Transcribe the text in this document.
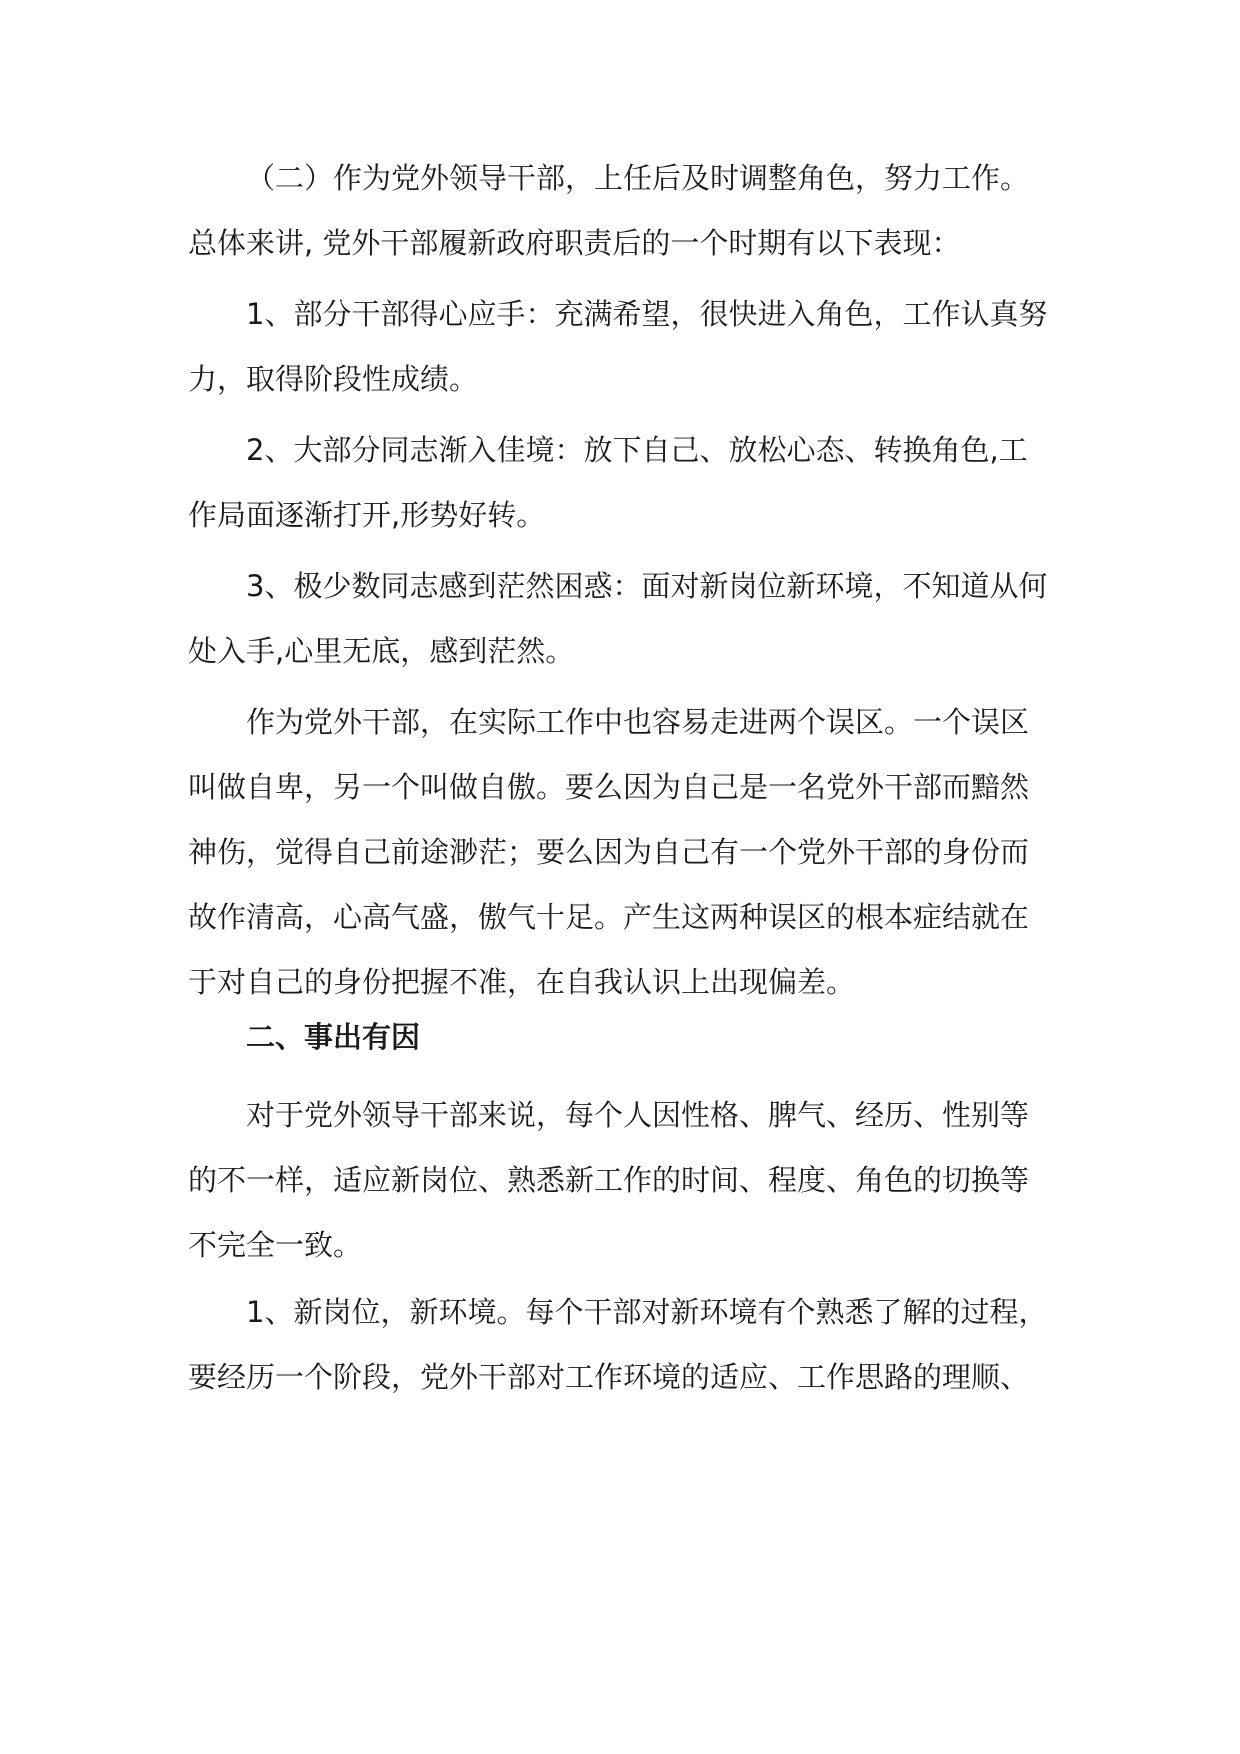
（二）作为党外领导干部，上任后及时调整角色，努力工作。
总体来讲, 党外干部履新政府职责后的一个时期有以下表现：
1、部分干部得心应手：充满希望，很快进入角色，工作认真努
力，取得阶段性成绩。
2、大部分同志渐入佳境：放下自己、放松心态、转换角色,工
作局面逐渐打开,形势好转。
3、极少数同志感到茫然困惑：面对新岗位新环境，不知道从何
处入手,心里无底，感到茫然。
作为党外干部，在实际工作中也容易走进两个误区。一个误区
叫做自卑，另一个叫做自傲。要么因为自己是一名党外干部而黯然
神伤，觉得自己前途渺茫；要么因为自己有一个党外干部的身份而
故作清高，心高气盛，傲气十足。产生这两种误区的根本症结就在
于对自己的身份把握不准，在自我认识上出现偏差。
二、事出有因
对于党外领导干部来说，每个人因性格、脾气、经历、性别等
的不一样，适应新岗位、熟悉新工作的时间、程度、角色的切换等
不完全一致。
1、新岗位，新环境。每个干部对新环境有个熟悉了解的过程，
要经历一个阶段，党外干部对工作环境的适应、工作思路的理顺、
